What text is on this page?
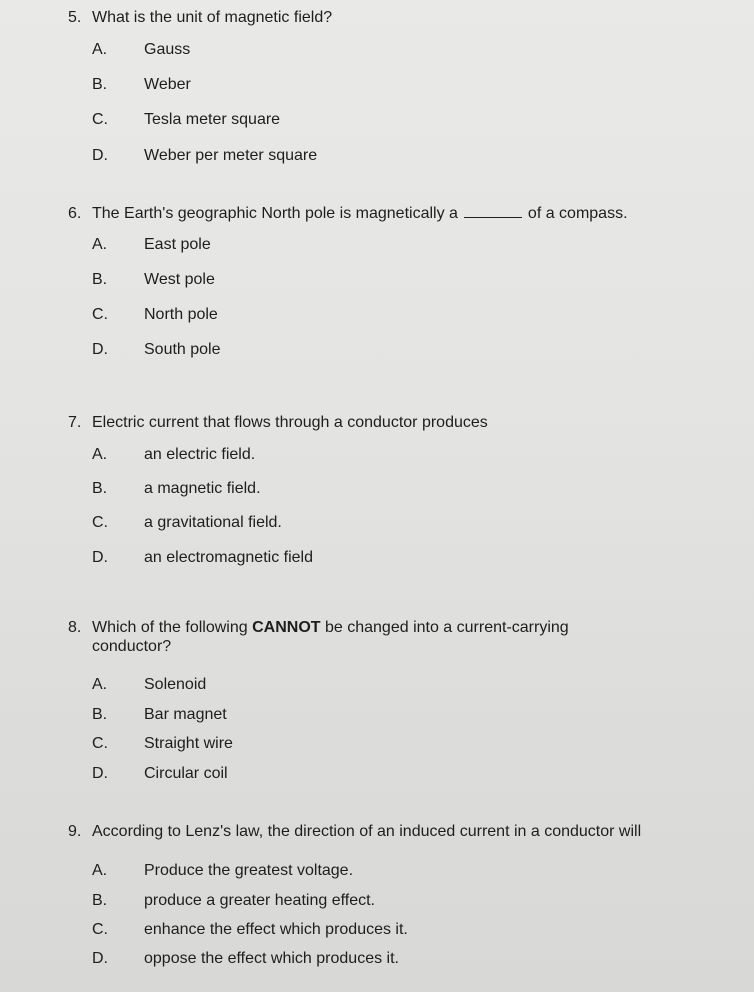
5. What is the unit of magnetic field?
A. Gauss
B. Weber
C. Tesla meter square
D. Weber per meter square
6. The Earth's geographic North pole is magnetically a	of a compass.
A. East pole
B. West pole
C. North pole
D. South pole
7. Electric current that flows through a conductor produces
A. an electric field.
B. a magnetic field.
C. a gravitational field.
D. an electromagnetic field
8. Which of the following CANNOT be changed into a current-carrying
conductor?
A. Solenoid
B. Bar magnet
C. Straight wire
D. Circular coil
9. According to Lenz's law, the direction of an induced current in a conductor will
A. Produce the greatest voltage.
B. produce a greater heating effect.
C. enhance the effect which produces it.
D. oppose the effect which produces it.
